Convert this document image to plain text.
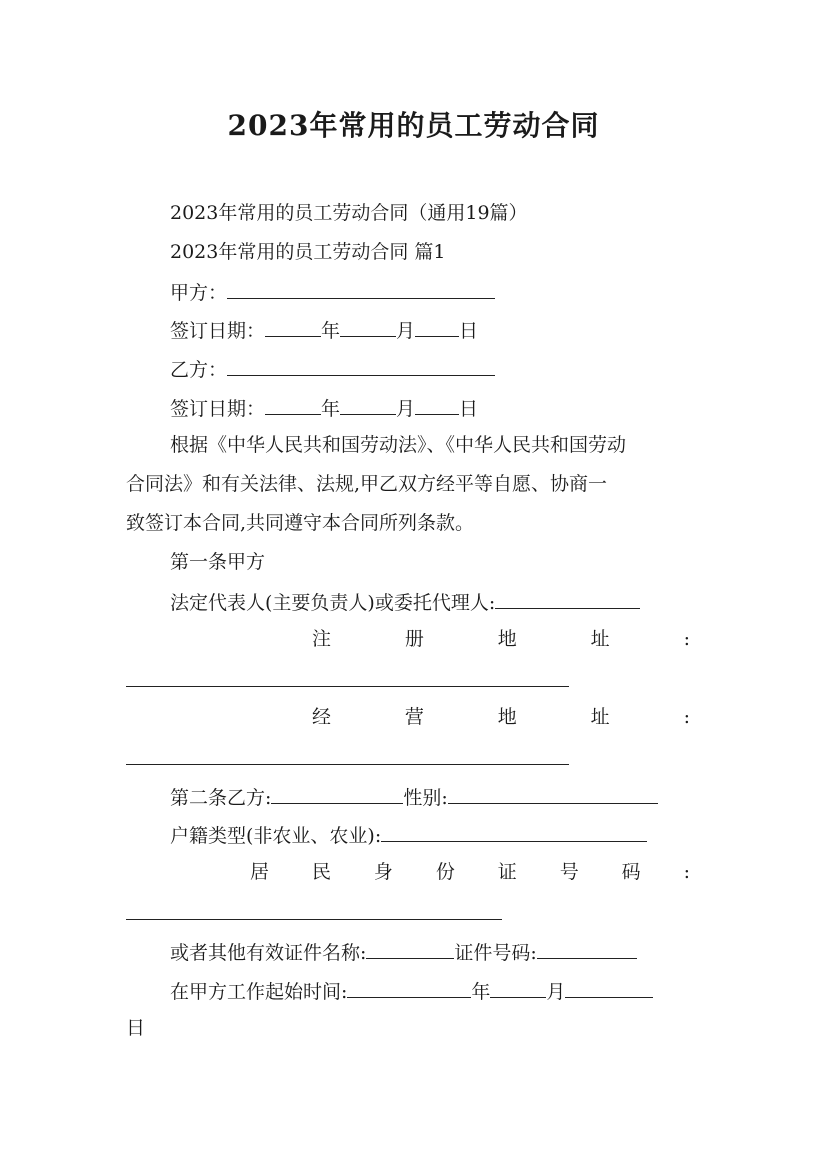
2023年常用的员工劳动合同
2023年常用的员工劳动合同（通用19篇）
2023年常用的员工劳动合同 篇1
甲方：
签订日期：	年	月 日
乙方：
签订日期：	年	月 日
根据《中华人民共和国劳动法》、《中华人民共和国劳动
合同法》和有关法律、法规,甲乙双方经平等自愿、协商一
致签订本合同,共同遵守本合同所列条款。
第一条甲方
法定代表人(主要负责人)或委托代理人:
注	册	地	址	:
经	营	地	址	:
第二条乙方:	性别:
户籍类型(非农业、农业):
居 民 身 份 证 号 码 :
或者其他有效证件名称:	证件号码:
在甲方工作起始时间:	年	月
日
